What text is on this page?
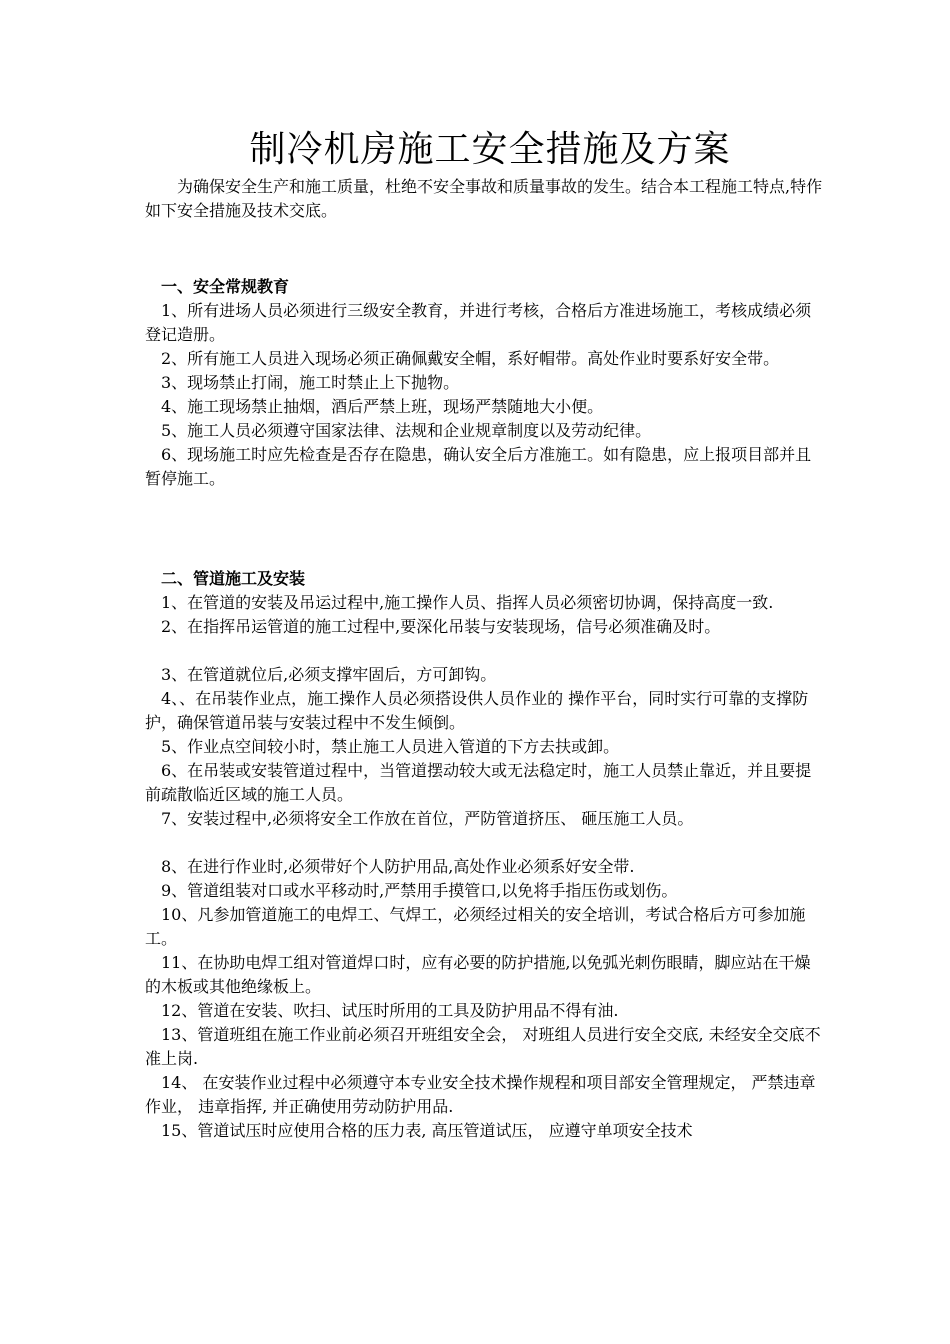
制冷机房施工安全措施及方案

为确保安全生产和施工质量，杜绝不安全事故和质量事故的发生。结合本工程施工特点,特作如下安全措施及技术交底。

一、安全常规教育

1、所有进场人员必须进行三级安全教育，并进行考核，合格后方准进场施工，考核成绩必须登记造册。

2、所有施工人员进入现场必须正确佩戴安全帽，系好帽带。高处作业时要系好安全带。

3、现场禁止打闹，施工时禁止上下抛物。

4、施工现场禁止抽烟，酒后严禁上班，现场严禁随地大小便。

5、施工人员必须遵守国家法律、法规和企业规章制度以及劳动纪律。

6、现场施工时应先检查是否存在隐患，确认安全后方准施工。如有隐患，应上报项目部并且暂停施工。

二、管道施工及安装

1、在管道的安装及吊运过程中,施工操作人员、指挥人员必须密切协调，保持高度一致.

2、在指挥吊运管道的施工过程中,要深化吊装与安装现场，信号必须准确及时。

3、在管道就位后,必须支撑牢固后，方可卸钩。

4、、在吊装作业点，施工操作人员必须搭设供人员作业的 操作平台，同时实行可靠的支撑防护，确保管道吊装与安装过程中不发生倾倒。

5、作业点空间较小时，禁止施工人员进入管道的下方去扶或卸。

6、在吊装或安装管道过程中，当管道摆动较大或无法稳定时，施工人员禁止靠近，并且要提前疏散临近区域的施工人员。

7、安装过程中,必须将安全工作放在首位，严防管道挤压、 砸压施工人员。

8、在进行作业时,必须带好个人防护用品,高处作业必须系好安全带.

9、管道组装对口或水平移动时,严禁用手摸管口,以免将手指压伤或划伤。

10、凡参加管道施工的电焊工、气焊工，必须经过相关的安全培训，考试合格后方可参加施工。

11、在协助电焊工组对管道焊口时，应有必要的防护措施,以免弧光刺伤眼睛，脚应站在干燥的木板或其他绝缘板上。

12、管道在安装、吹扫、试压时所用的工具及防护用品不得有油.

13、管道班组在施工作业前必须召开班组安全会， 对班组人员进行安全交底, 未经安全交底不准上岗.

14、 在安装作业过程中必须遵守本专业安全技术操作规程和项目部安全管理规定， 严禁违章作业， 违章指挥, 并正确使用劳动防护用品.

15、管道试压时应使用合格的压力表, 高压管道试压， 应遵守单项安全技术
